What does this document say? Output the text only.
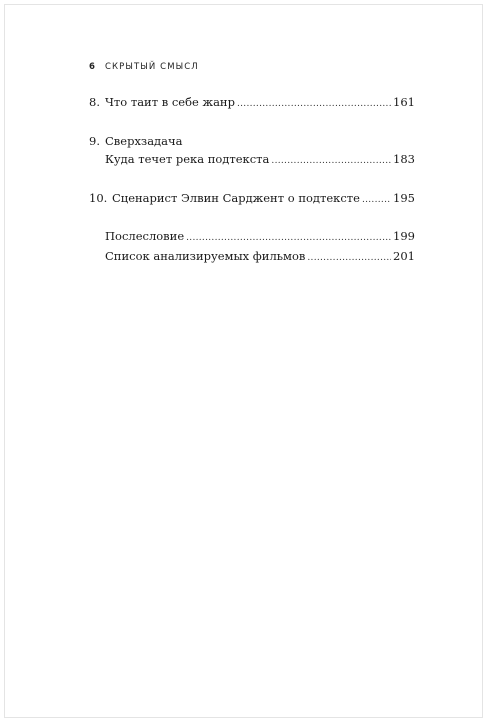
6 СКРЫТЫЙ СМЫСЛ
8. Что таит в себе жанр .....	161
9. Сверхзадача
Куда течет река подтекста .....	183
10. Сценарист Элвин Сарджент о подтексте .....	195
Послесловие .....	199
Список анализируемых фильмов .....	201
